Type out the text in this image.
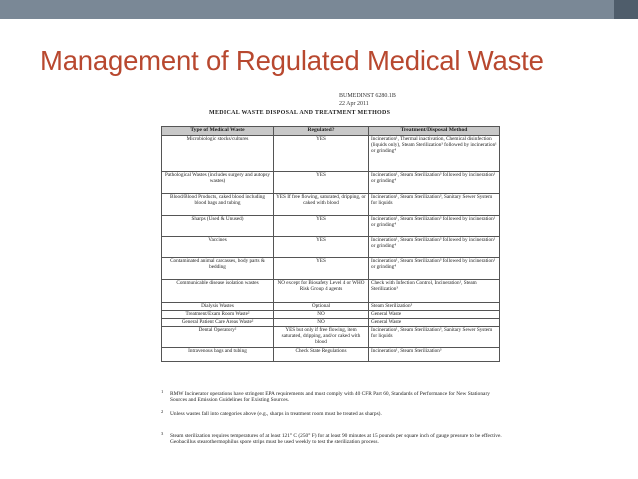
Management of Regulated Medical Waste
BUMEDINST 6280.1B
22 Apr 2011
MEDICAL WASTE DISPOSAL AND TREATMENT METHODS
Type of Medical Waste	Regulated?	Treatment/Disposal Method
Microbiologic stocks/cultures	YES	Incineration¹, Thermal inactivation, Chemical disinfection (liquids only), Steam Sterilization³ followed by incineration¹ or grinding⁴
Pathological Wastes (includes surgery and autopsy wastes)	YES	Incineration¹, Steam Sterilization³ followed by incineration¹ or grinding⁴
Blood/Blood Products, caked blood including blood bags and tubing	YES If free flowing, saturated, dripping, or caked with blood	Incineration¹, Steam Sterilization³, Sanitary Sewer System for liquids
Sharps (Used & Unused)	YES	Incineration¹, Steam Sterilization³ followed by incineration¹ or grinding⁴
Vaccines	YES	Incineration¹, Steam Sterilization³ followed by incineration¹ or grinding⁴
Contaminated animal carcasses, body parts & bedding	YES	Incineration¹, Steam Sterilization³ followed by incineration¹ or grinding⁴
Communicable disease isolation wastes	NO except for Biosafety Level 4 or WHO Risk Group 4 agents	Check with Infection Control, Incineration¹, Steam Sterilization³
Dialysis Wastes	Optional	Steam Sterilization³
Treatment/Exam Room Waste²	NO	General Waste
General Patient Care Areas Waste²	NO	General Waste
Dental Operatory²	YES but only if free flowing, item saturated, dripping, and/or caked with blood	Incineration¹, Steam Sterilization³, Sanitary Sewer System for liquids
Intravenous bags and tubing	Check State Regulations	Incineration¹, Steam Sterilization³
1 RMW Incinerator operations have stringent EPA requirements and must comply with 40 CFR Part 60, Standards of Performance for New Stationary Sources and Emission Guidelines for Existing Sources.
2 Unless wastes fall into categories above (e.g., sharps in treatment room must be treated as sharps).
3 Steam sterilization requires temperatures of at least 121° C (250° F) for at least 90 minutes at 15 pounds per square inch of gauge pressure to be effective. Geobacillus stearothermophilus spore strips must be used weekly to test the sterilization process.
